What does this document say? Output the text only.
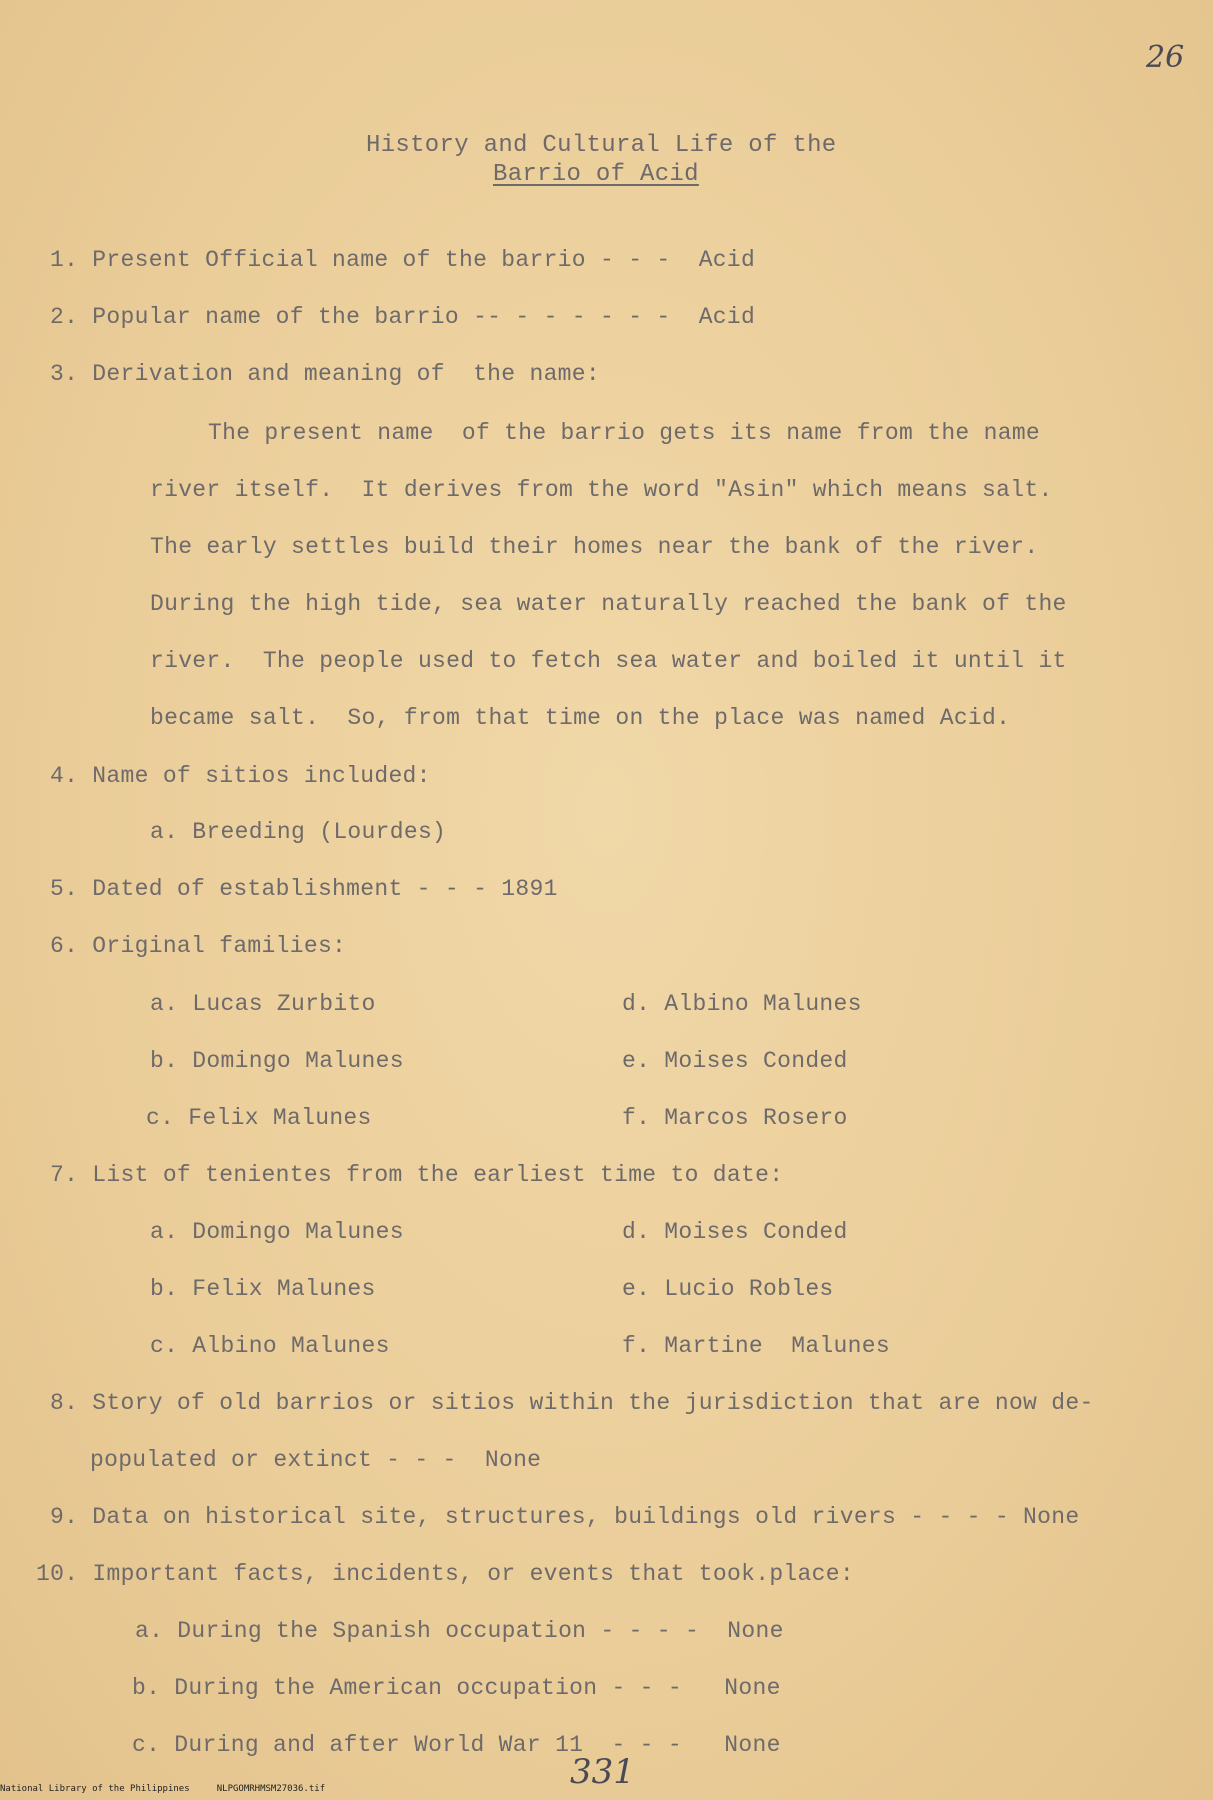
26
History and Cultural Life of the
Barrio of Acid
1. Present Official name of the barrio - - -  Acid
2. Popular name of the barrio -- - - - - - -  Acid
3. Derivation and meaning of  the name:
The present name  of the barrio gets its name from the name
river itself.  It derives from the word "Asin" which means salt.
The early settles build their homes near the bank of the river.
During the high tide, sea water naturally reached the bank of the
river.  The people used to fetch sea water and boiled it until it
became salt.  So, from that time on the place was named Acid.
4. Name of sitios included:
a. Breeding (Lourdes)
5. Dated of establishment - - - 1891
6. Original families:
a. Lucas Zurbito
b. Domingo Malunes
c. Felix Malunes
d. Albino Malunes
e. Moises Conded
f. Marcos Rosero
7. List of tenientes from the earliest time to date:
a. Domingo Malunes
b. Felix Malunes
c. Albino Malunes
d. Moises Conded
e. Lucio Robles
f. Martine  Malunes
8. Story of old barrios or sitios within the jurisdiction that are now de-
populated or extinct - - -  None
9. Data on historical site, structures, buildings old rivers - - - - None
10. Important facts, incidents, or events that took.place:
a. During the Spanish occupation - - - -  None
b. During the American occupation - - -   None
c. During and after World War 11  - - -   None
331
National Library of the Philippines     NLPGOMRHMSM27036.tif
